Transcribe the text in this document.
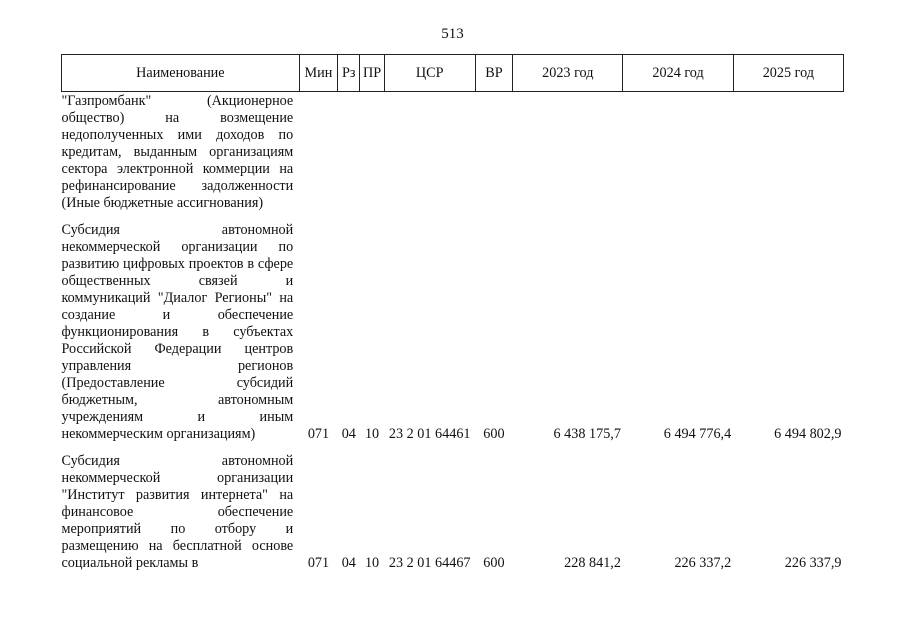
513
Наименование	Мин	Рз	ПР	ЦСР	ВР	2023 год	2024 год	2025 год
"Газпромбанк" (Акционерное общество) на возмещение недополученных ими доходов по кредитам, выданным организациям сектора электронной коммерции на рефинансирование задолженности (Иные бюджетные ассигнования)								
Субсидия автономной некоммерческой организации по развитию цифровых проектов в сфере общественных связей и коммуникаций "Диалог Регионы" на создание и обеспечение функционирования в субъектах Российской Федерации центров управления регионов (Предоставление субсидий бюджетным, автономным учреждениям и иным некоммерческим организациям)	071	04	10	23 2 01 64461	600	6 438 175,7	6 494 776,4	6 494 802,9
Субсидия автономной некоммерческой организации "Институт развития интернета" на финансовое обеспечение мероприятий по отбору и размещению на бесплатной основе социальной рекламы в	071	04	10	23 2 01 64467	600	228 841,2	226 337,2	226 337,9
